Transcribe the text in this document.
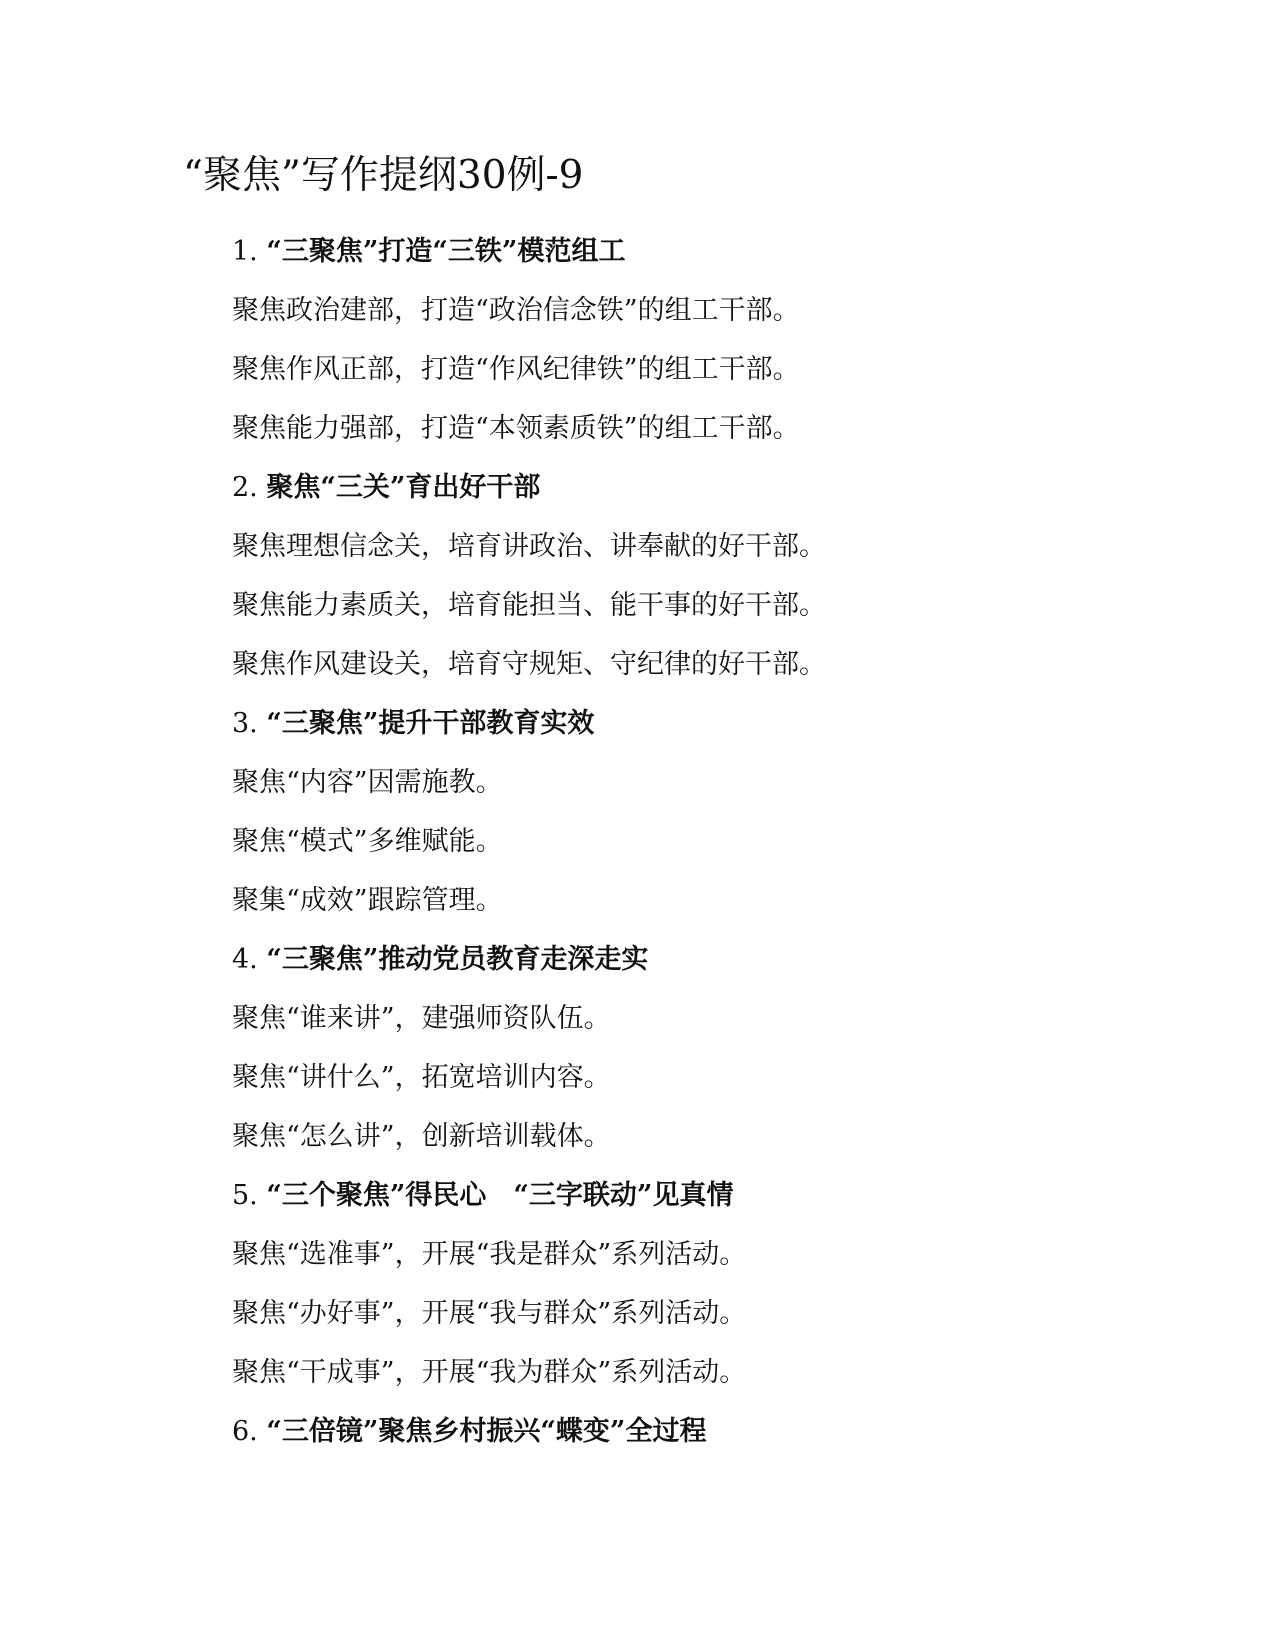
“聚焦”写作提纲30例-9
1. “三聚焦”打造“三铁”模范组工
聚焦政治建部，打造“政治信念铁”的组工干部。
聚焦作风正部，打造“作风纪律铁”的组工干部。
聚焦能力强部，打造“本领素质铁”的组工干部。
2. 聚焦“三关”育出好干部
聚焦理想信念关，培育讲政治、讲奉献的好干部。
聚焦能力素质关，培育能担当、能干事的好干部。
聚焦作风建设关，培育守规矩、守纪律的好干部。
3. “三聚焦”提升干部教育实效
聚焦“内容”因需施教。
聚焦“模式”多维赋能。
聚集“成效”跟踪管理。
4. “三聚焦”推动党员教育走深走实
聚焦“谁来讲”，建强师资队伍。
聚焦“讲什么”，拓宽培训内容。
聚焦“怎么讲”，创新培训载体。
5. “三个聚焦”得民心　“三字联动”见真情
聚焦“选准事”，开展“我是群众”系列活动。
聚焦“办好事”，开展“我与群众”系列活动。
聚焦“干成事”，开展“我为群众”系列活动。
6. “三倍镜”聚焦乡村振兴“蝶变”全过程
